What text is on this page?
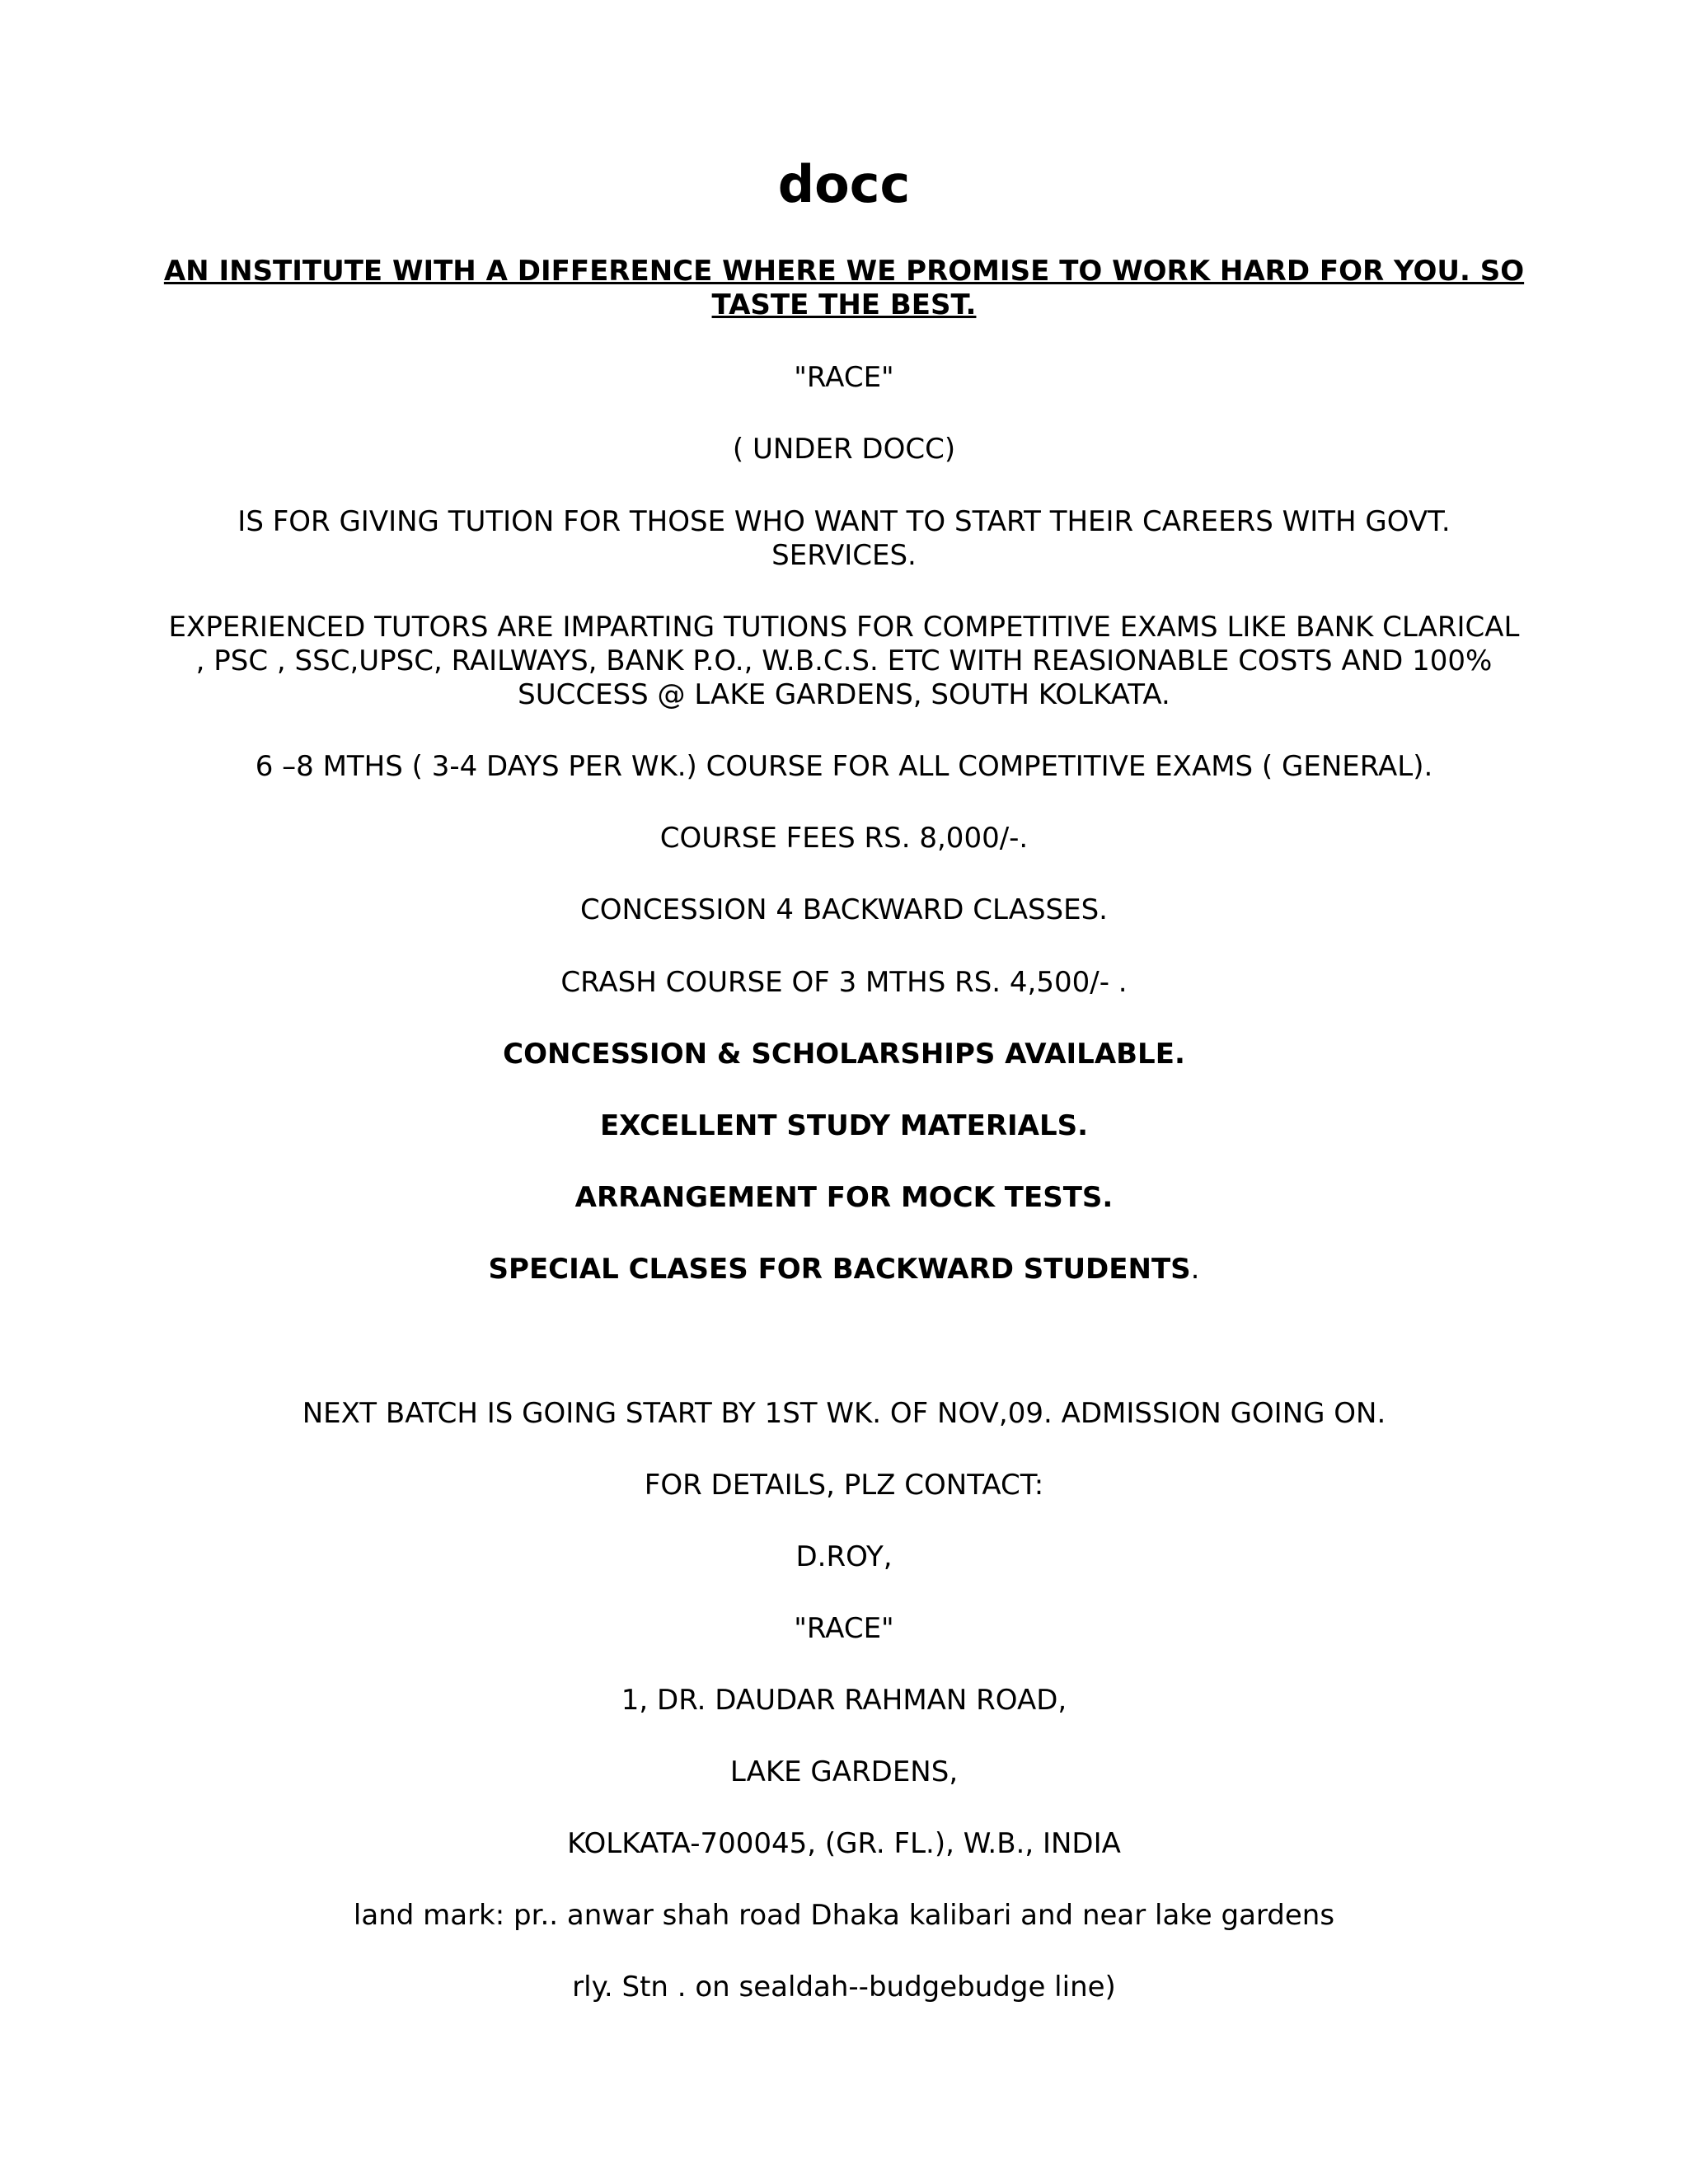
docc
AN INSTITUTE WITH A DIFFERENCE WHERE WE PROMISE TO WORK HARD FOR YOU. SO
TASTE THE BEST.
"RACE"
( UNDER DOCC)
IS FOR GIVING TUTION FOR THOSE WHO WANT TO START THEIR CAREERS WITH GOVT.
SERVICES.
EXPERIENCED TUTORS ARE IMPARTING TUTIONS FOR COMPETITIVE EXAMS LIKE BANK CLARICAL
, PSC , SSC,UPSC, RAILWAYS, BANK P.O., W.B.C.S. ETC WITH REASIONABLE COSTS AND 100%
SUCCESS @ LAKE GARDENS, SOUTH KOLKATA.
6 –8 MTHS ( 3-4 DAYS PER WK.) COURSE FOR ALL COMPETITIVE EXAMS ( GENERAL).
COURSE FEES RS. 8,000/-.
CONCESSION 4 BACKWARD CLASSES.
CRASH COURSE OF 3 MTHS RS. 4,500/- .
CONCESSION & SCHOLARSHIPS AVAILABLE.
EXCELLENT STUDY MATERIALS.
ARRANGEMENT FOR MOCK TESTS.
SPECIAL CLASES FOR BACKWARD STUDENTS.
NEXT BATCH IS GOING START BY 1ST WK. OF NOV,09. ADMISSION GOING ON.
FOR DETAILS, PLZ CONTACT:
D.ROY,
"RACE"
1, DR. DAUDAR RAHMAN ROAD,
LAKE GARDENS,
KOLKATA-700045, (GR. FL.), W.B., INDIA
land mark: pr.. anwar shah road Dhaka kalibari and near lake gardens
rly. Stn . on sealdah--budgebudge line)
